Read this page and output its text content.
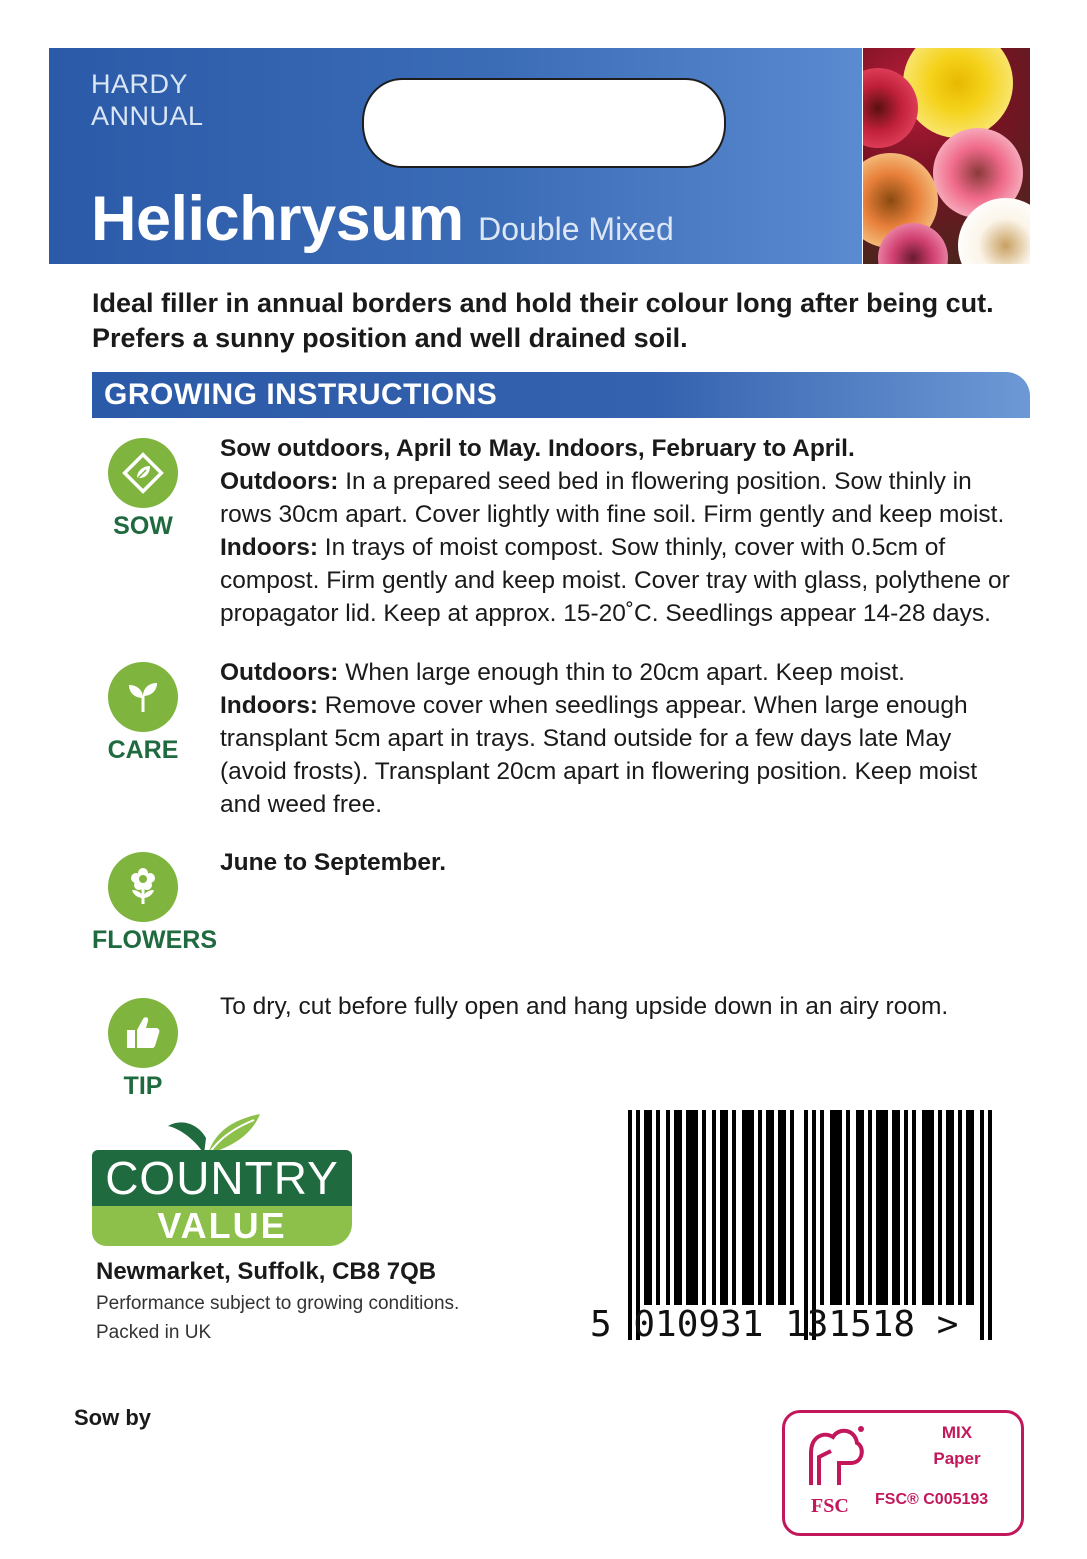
HARDY
ANNUAL
Helichrysum Double Mixed
Ideal filler in annual borders and hold their colour long after being cut.
Prefers a sunny position and well drained soil.
GROWING INSTRUCTIONS
SOW
Sow outdoors, April to May. Indoors, February to April.
Outdoors: In a prepared seed bed in flowering position. Sow thinly in rows 30cm apart. Cover lightly with fine soil. Firm gently and keep moist.
Indoors: In trays of moist compost. Sow thinly, cover with 0.5cm of compost. Firm gently and keep moist. Cover tray with glass, polythene or propagator lid. Keep at approx. 15-20˚C. Seedlings appear 14-28 days.
CARE
Outdoors: When large enough thin to 20cm apart. Keep moist.
Indoors: Remove cover when seedlings appear. When large enough transplant 5cm apart in trays. Stand outside for a few days late May (avoid frosts). Transplant 20cm apart in flowering position. Keep moist and weed free.
FLOWERS
June to September.
TIP
To dry, cut before fully open and hang upside down in an airy room.
COUNTRY
VALUE
Newmarket, Suffolk, CB8 7QB
Performance subject to growing conditions.
Packed in UK
Sow by
5 010931 131518 >
FSC
MIX
Paper
FSC® C005193
